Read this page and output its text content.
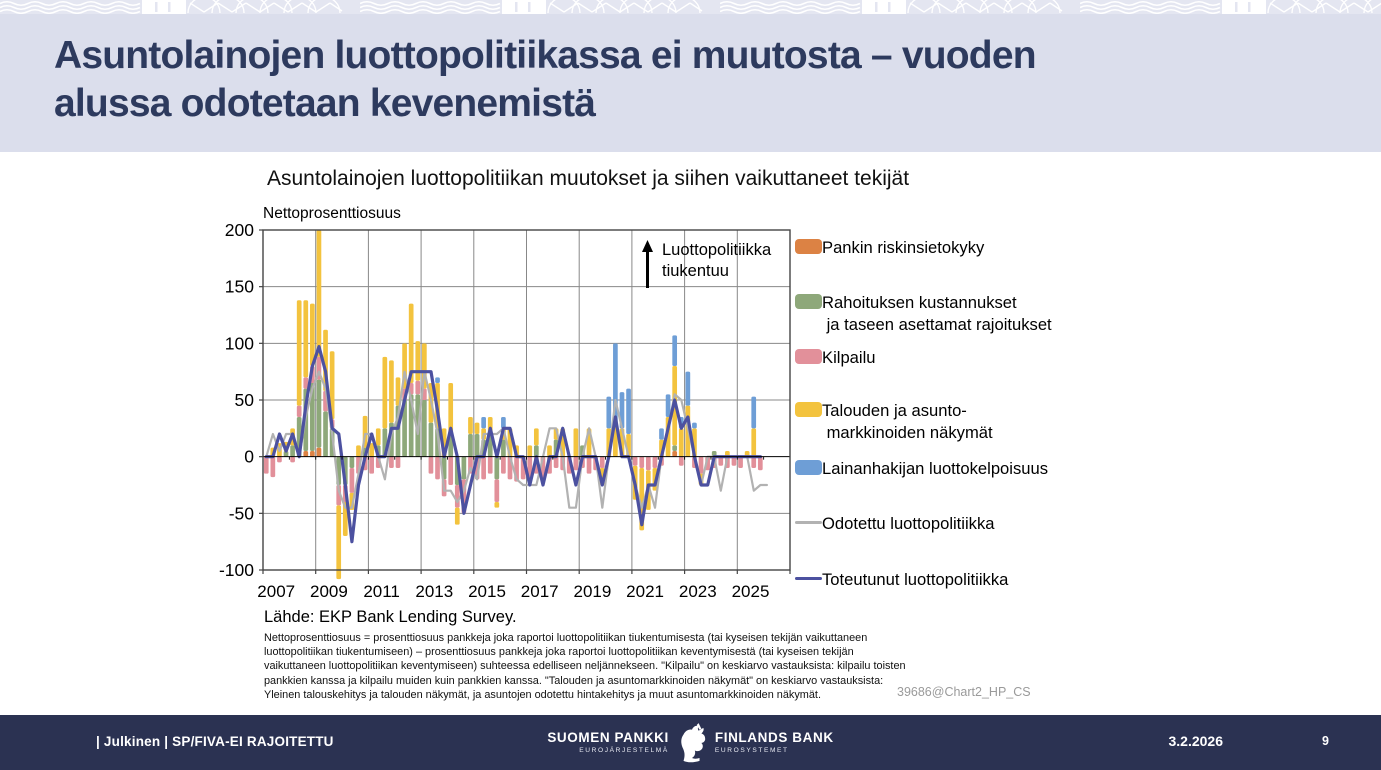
Asuntolainojen luottopolitiikassa ei muutosta – vuoden
alussa odotetaan kevenemistä
Asuntolainojen luottopolitiikan muutokset ja siihen vaikuttaneet tekijät
Nettoprosenttiosuus
200
150
100
50
0
-50
-100
2007 2009 2011 2013 2015 2017 2019 2021 2023 2025
Luottopolitiikka
tiukentuu
Pankin riskinsietokyky
Rahoituksen kustannukset
ja taseen asettamat rajoitukset
Kilpailu
Talouden ja asunto-
markkinoiden näkymät
Lainanhakijan luottokelpoisuus
Odotettu luottopolitiikka
Toteutunut luottopolitiikka
Lähde: EKP Bank Lending Survey.
Nettoprosenttiosuus = prosenttiosuus pankkeja joka raportoi luottopolitiikan tiukentumisesta (tai kyseisen tekijän vaikuttaneen
luottopolitiikan tiukentumiseen) – prosenttiosuus pankkeja joka raportoi luottopolitiikan keventymisestä (tai kyseisen tekijän
vaikuttaneen luottopolitiikan keventymiseen) suhteessa edelliseen neljännekseen. "Kilpailu" on keskiarvo vastauksista: kilpailu toisten
pankkien kanssa ja kilpailu muiden kuin pankkien kanssa. "Talouden ja asuntomarkkinoiden näkymät" on keskiarvo vastauksista:
Yleinen talouskehitys ja talouden näkymät, ja asuntojen odotettu hintakehitys ja muut asuntomarkkinoiden näkymät.	39686@Chart2_HP_CS
| Julkinen | SP/FIVA-EI RAJOITETTU	SUOMEN PANKKI
EUROJÄRJESTELMÄ
FINLANDS BANK
EUROSYSTEMET
3.2.2026	9
